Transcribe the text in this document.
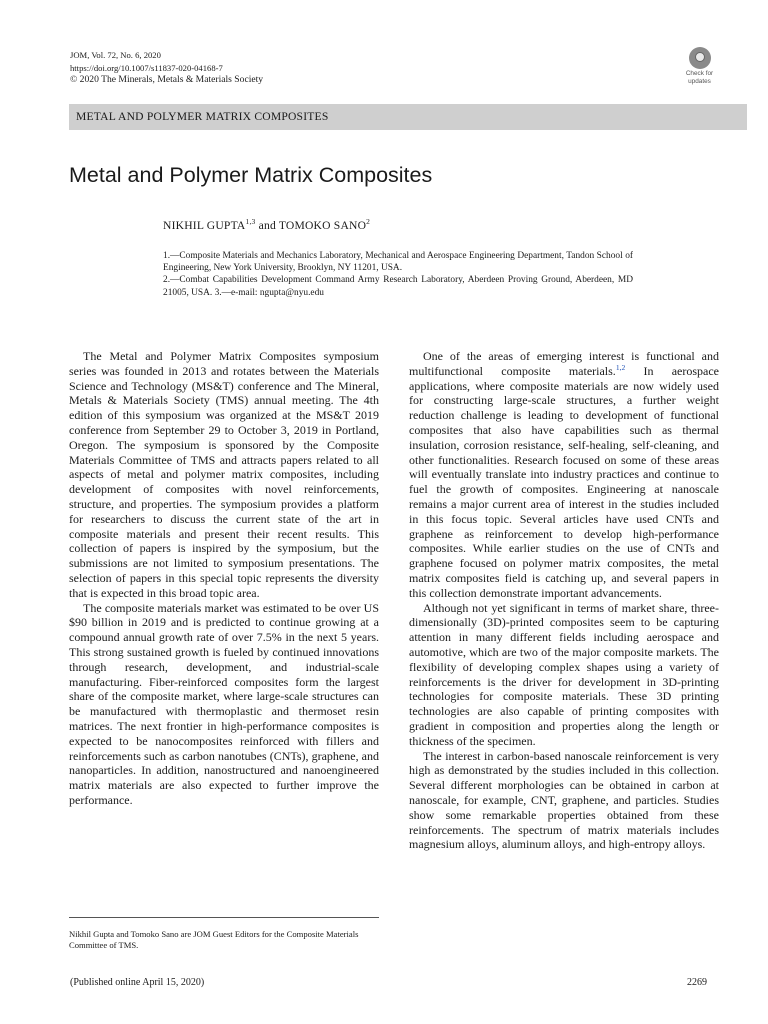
JOM, Vol. 72, No. 6, 2020
https://doi.org/10.1007/s11837-020-04168-7
© 2020 The Minerals, Metals & Materials Society
Check for
updates
METAL AND POLYMER MATRIX COMPOSITES
Metal and Polymer Matrix Composites
NIKHIL GUPTA$^{1,3}$ and TOMOKO SANO$^2$

1.—Composite Materials and Mechanics Laboratory, Mechanical and Aerospace Engineering Department, Tandon School of Engineering, New York University, Brooklyn, NY 11201, USA.

2.—Combat Capabilities Development Command Army Research Laboratory, Aberdeen Proving Ground, Aberdeen, MD 21005, USA. 3.—e-mail: ngupta@nyu.edu

The Metal and Polymer Matrix Composites symposium series was founded in 2013 and rotates between the Materials Science and Technology (MS&T) conference and The Mineral, Metals & Materials Society (TMS) annual meeting. The 4th edition of this symposium was organized at the MS&T 2019 conference from September 29 to October 3, 2019 in Portland, Oregon. The symposium is sponsored by the Composite Materials Committee of TMS and attracts papers related to all aspects of metal and polymer matrix composites, including development of composites with novel reinforcements, structure, and properties. The symposium provides a platform for researchers to discuss the current state of the art in composite materials and present their recent results. This collection of papers is inspired by the symposium, but the submissions are not limited to symposium presentations. The selection of papers in this special topic represents the diversity that is expected in this broad topic area.

The composite materials market was estimated to be over US $90 billion in 2019 and is predicted to continue growing at a compound annual growth rate of over 7.5% in the next 5 years. This strong sustained growth is fueled by continued innovations through research, development, and industrial-scale manufacturing. Fiber-reinforced composites form the largest share of the composite market, where large-scale structures can be manufactured with thermoplastic and thermoset resin matrices. The next frontier in high-performance composites is expected to be nanocomposites reinforced with fillers and reinforcements such as carbon nanotubes (CNTs), graphene, and nanoparticles. In addition, nanostructured and nanoengineered matrix materials are also expected to further improve the performance.

One of the areas of emerging interest is functional and multifunctional composite materials.$^{1,2}$ In aerospace applications, where composite materials are now widely used for constructing large-scale structures, a further weight reduction challenge is leading to development of functional composites that also have capabilities such as thermal insulation, corrosion resistance, self-healing, self-cleaning, and other functionalities. Research focused on some of these areas will eventually translate into industry practices and continue to fuel the growth of composites. Engineering at nanoscale remains a major current area of interest in the studies included in this focus topic. Several articles have used CNTs and graphene as reinforcement to develop high-performance composites. While earlier studies on the use of CNTs and graphene focused on polymer matrix composites, the metal matrix composites field is catching up, and several papers in this collection demonstrate important advancements.

Although not yet significant in terms of market share, three-dimensionally (3D)-printed composites seem to be capturing attention in many different fields including aerospace and automotive, which are two of the major composite markets. The flexibility of developing complex shapes using a variety of reinforcements is the driver for development in 3D-printing technologies for composite materials. These 3D printing technologies are also capable of printing composites with gradient in composition and properties along the length or thickness of the specimen.

The interest in carbon-based nanoscale reinforcement is very high as demonstrated by the studies included in this collection. Several different morphologies can be obtained in carbon at nanoscale, for example, CNT, graphene, and particles. Studies show some remarkable properties obtained from these reinforcements. The spectrum of matrix materials includes magnesium alloys, aluminum alloys, and high-entropy alloys.

Nikhil Gupta and Tomoko Sano are JOM Guest Editors for the Composite Materials Committee of TMS.
(Published online April 15, 2020)	2269
